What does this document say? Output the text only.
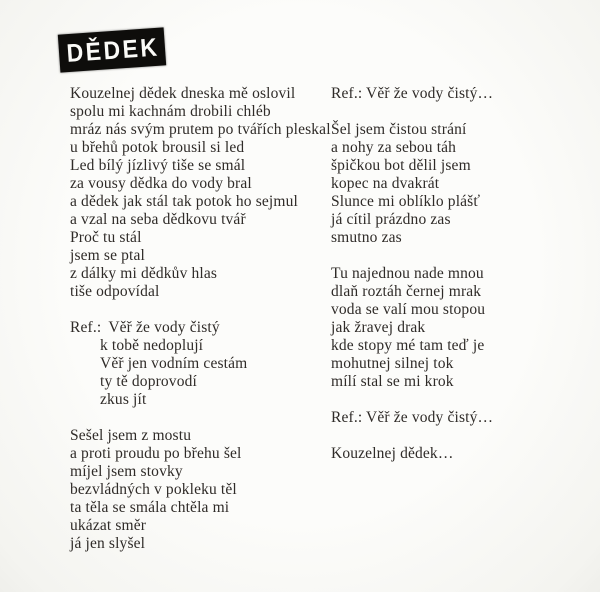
DĚDEK
Kouzelnej dědek dneska mě oslovil
spolu mi kachnám drobili chléb
mráz nás svým prutem po tvářích pleskal
u břehů potok brousil si led
Led bílý jízlivý tiše se smál
za vousy dědka do vody bral
a dědek jak stál tak potok ho sejmul
a vzal na seba dědkovu tvář
Proč tu stál
jsem se ptal
z dálky mi dědkův hlas
tiše odpovídal
Ref.: Věř že vody čistý
k tobě nedoplují
Věř jen vodním cestám
ty tě doprovodí
zkus jít
Sešel jsem z mostu
a proti proudu po břehu šel
míjel jsem stovky
bezvládných v pokleku těl
ta těla se smála chtěla mi
ukázat směr
já jen slyšel
Ref.: Věř že vody čistý…
Šel jsem čistou strání
a nohy za sebou táh
špičkou bot dělil jsem
kopec na dvakrát
Slunce mi oblíklo plášť
já cítil prázdno zas
smutno zas
Tu najednou nade mnou
dlaň roztáh černej mrak
voda se valí mou stopou
jak žravej drak
kde stopy mé tam teď je
mohutnej silnej tok
mílí stal se mi krok
Ref.: Věř že vody čistý…
Kouzelnej dědek…
